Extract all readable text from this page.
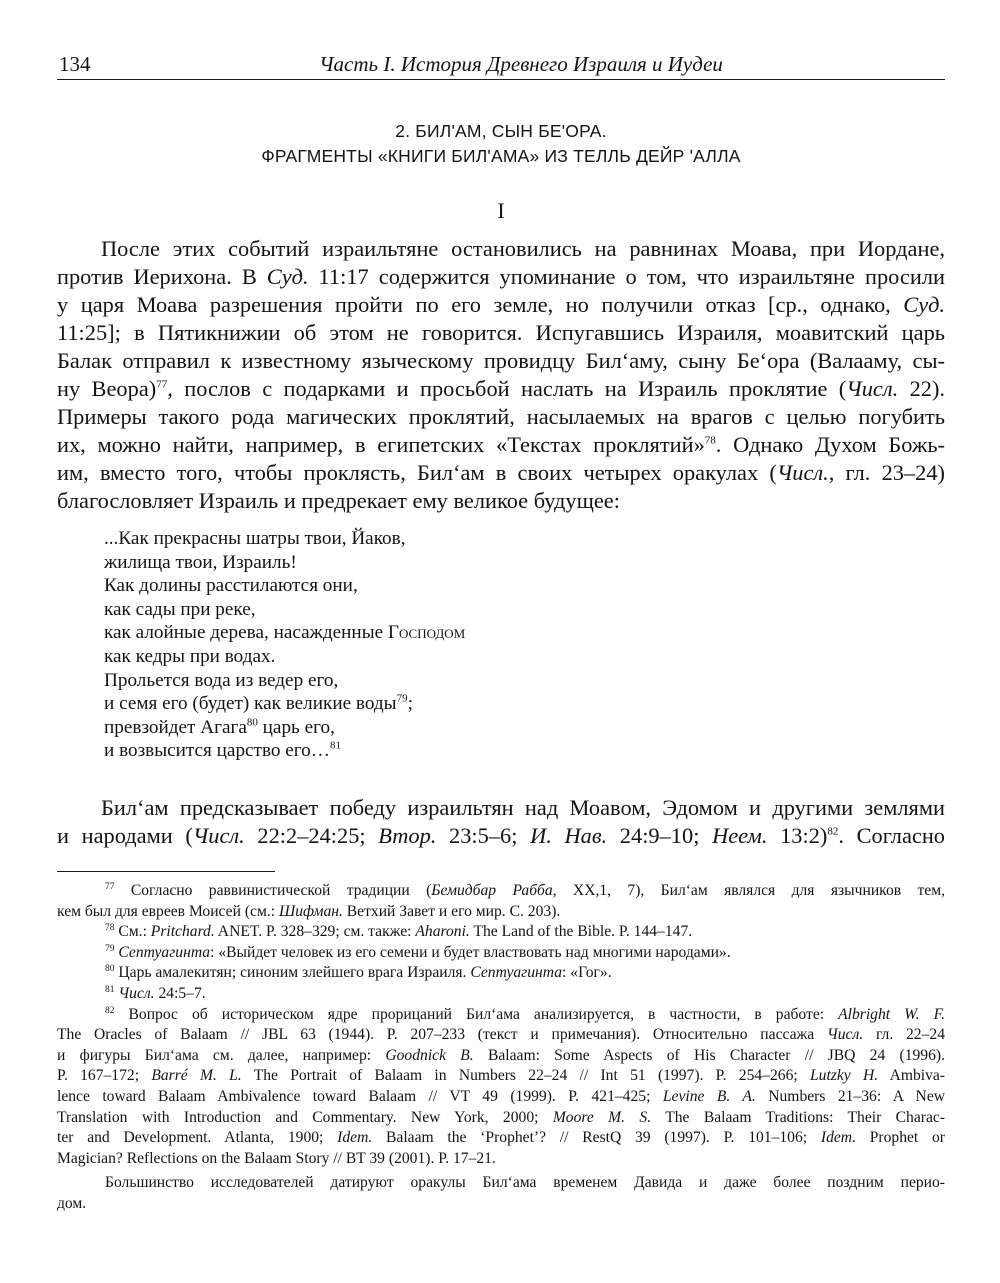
134	Часть I. История Древнего Израиля и Иудеи
2. БИЛ'АМ, СЫН БЕ'ОРА.
ФРАГМЕНТЫ «КНИГИ БИЛ'АМА» ИЗ ТЕЛЛЬ ДЕЙР 'АЛЛА
I
После этих событий израильтяне остановились на равнинах Моава, при Иордане,
против Иерихона. В Суд. 11:17 содержится упоминание о том, что израильтяне просили
у царя Моава разрешения пройти по его земле, но получили отказ [ср., однако, Суд.
11:25]; в Пятикнижии об этом не говорится. Испугавшись Израиля, моавитский царь
Балак отправил к известному языческому провидцу Бил‘аму, сыну Бе‘ора (Валааму, сы-
ну Веора)$^{77}$, послов с подарками и просьбой наслать на Израиль проклятие (Числ. 22).
Примеры такого рода магических проклятий, насылаемых на врагов с целью погубить
их, можно найти, например, в египетских «Текстах проклятий»$^{78}$. Однако Духом Божь-
им, вместо того, чтобы проклясть, Бил‘ам в своих четырех оракулах (Числ., гл. 23–24)
благословляет Израиль и предрекает ему великое будущее:
...Как прекрасны шатры твои, Йаков,
жилища твои, Израиль!
Как долины расстилаются они,
как сады при реке,
как алойные дерева, насажденные Господом
как кедры при водах.
Прольется вода из ведер его,
и семя его (будет) как великие воды$^{79}$;
превзойдет Агага$^{80}$ царь его,
и возвысится царство его…$^{81}$
Бил‘ам предсказывает победу израильтян над Моавом, Эдомом и другими землями
и народами (Числ. 22:2–24:25; Втор. 23:5–6; И. Нав. 24:9–10; Неем. 13:2)$^{82}$. Согласно
$^{77}$ Согласно раввинистической традиции (Бемидбар Рабба, XX,1, 7), Бил‘ам являлся для язычников тем,
кем был для евреев Моисей (см.: Шифман. Ветхий Завет и его мир. С. 203).
$^{78}$ См.: Pritchard. ANET. P. 328–329; см. также: Aharoni. The Land of the Bible. P. 144–147.
$^{79}$ Септуагинта: «Выйдет человек из его семени и будет властвовать над многими народами».
$^{80}$ Царь амалекитян; синоним злейшего врага Израиля. Септуагинта: «Гог».
$^{81}$ Числ. 24:5–7.
$^{82}$ Вопрос об историческом ядре прорицаний Бил‘ама анализируется, в частности, в работе: Albright W. F.
The Oracles of Balaam // JBL 63 (1944). P. 207–233 (текст и примечания). Относительно пассажа Числ. гл. 22–24
и фигуры Бил‘ама см. далее, например: Goodnick B. Balaam: Some Aspects of His Character // JBQ 24 (1996).
P. 167–172; Barré M. L. The Portrait of Balaam in Numbers 22–24 // Int 51 (1997). P. 254–266; Lutzky H. Ambiva-
lence toward Balaam Ambivalence toward Balaam // VT 49 (1999). P. 421–425; Levine B. A. Numbers 21–36: A New
Translation with Introduction and Commentary. New York, 2000; Moore M. S. The Balaam Traditions: Their Charac-
ter and Development. Atlanta, 1900; Idem. Balaam the ‘Prophet’? // RestQ 39 (1997). P. 101–106; Idem. Prophet or
Magician? Reflections on the Balaam Story // BT 39 (2001). P. 17–21.
Большинство исследователей датируют оракулы Бил‘ама временем Давида и даже более поздним перио-
дом.
